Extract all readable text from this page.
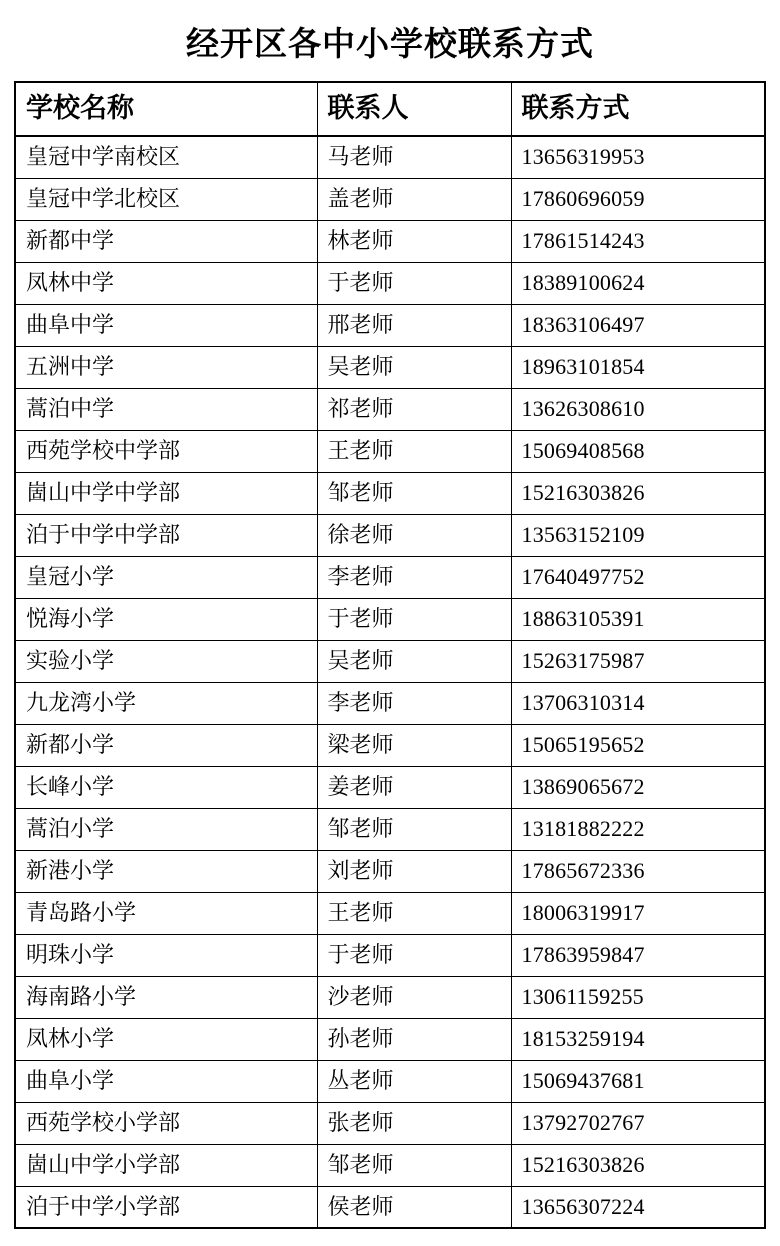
经开区各中小学校联系方式
学校名称	联系人	联系方式
皇冠中学南校区	马老师	13656319953
皇冠中学北校区	盖老师	17860696059
新都中学	林老师	17861514243
凤林中学	于老师	18389100624
曲阜中学	邢老师	18363106497
五洲中学	吴老师	18963101854
蒿泊中学	祁老师	13626308610
西苑学校中学部	王老师	15069408568
崮山中学中学部	邹老师	15216303826
泊于中学中学部	徐老师	13563152109
皇冠小学	李老师	17640497752
悦海小学	于老师	18863105391
实验小学	吴老师	15263175987
九龙湾小学	李老师	13706310314
新都小学	梁老师	15065195652
长峰小学	姜老师	13869065672
蒿泊小学	邹老师	13181882222
新港小学	刘老师	17865672336
青岛路小学	王老师	18006319917
明珠小学	于老师	17863959847
海南路小学	沙老师	13061159255
凤林小学	孙老师	18153259194
曲阜小学	丛老师	15069437681
西苑学校小学部	张老师	13792702767
崮山中学小学部	邹老师	15216303826
泊于中学小学部	侯老师	13656307224
